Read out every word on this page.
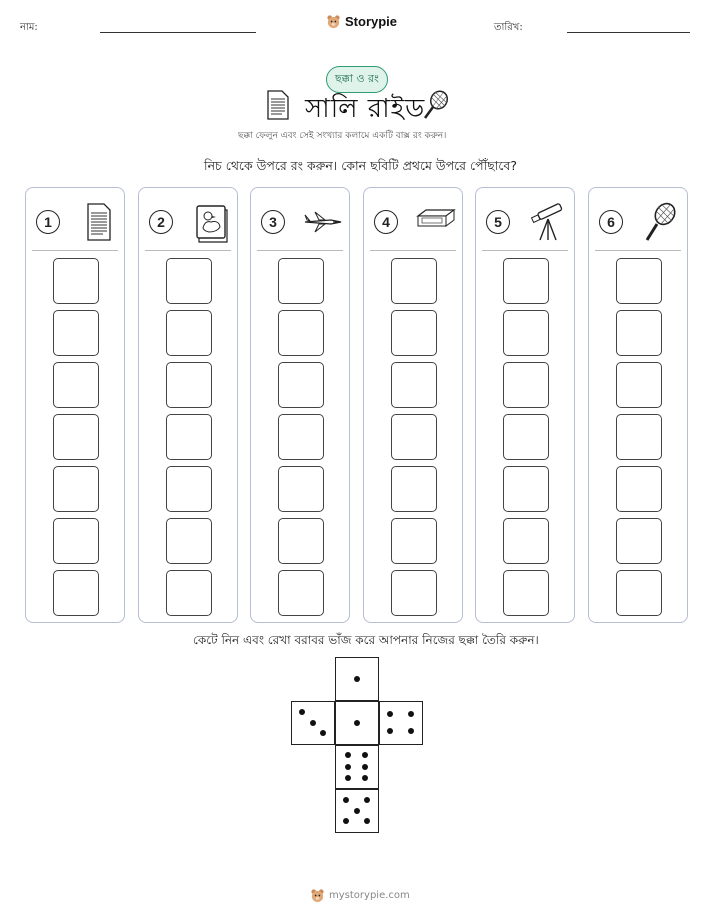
নাম:	Storypie	তারিখ:
ছক্কা ও রং
সালি রাইড
ছক্কা ফেলুন এবং সেই সংখ্যার কলামে একটি বাক্স রং করুন।
নিচ থেকে উপরে রং করুন। কোন ছবিটি প্রথমে উপরে পৌঁছাবে?
1	2	3	4	5	6
কেটে নিন এবং রেখা বরাবর ভাঁজ করে আপনার নিজের ছক্কা তৈরি করুন।
mystorypie.com
